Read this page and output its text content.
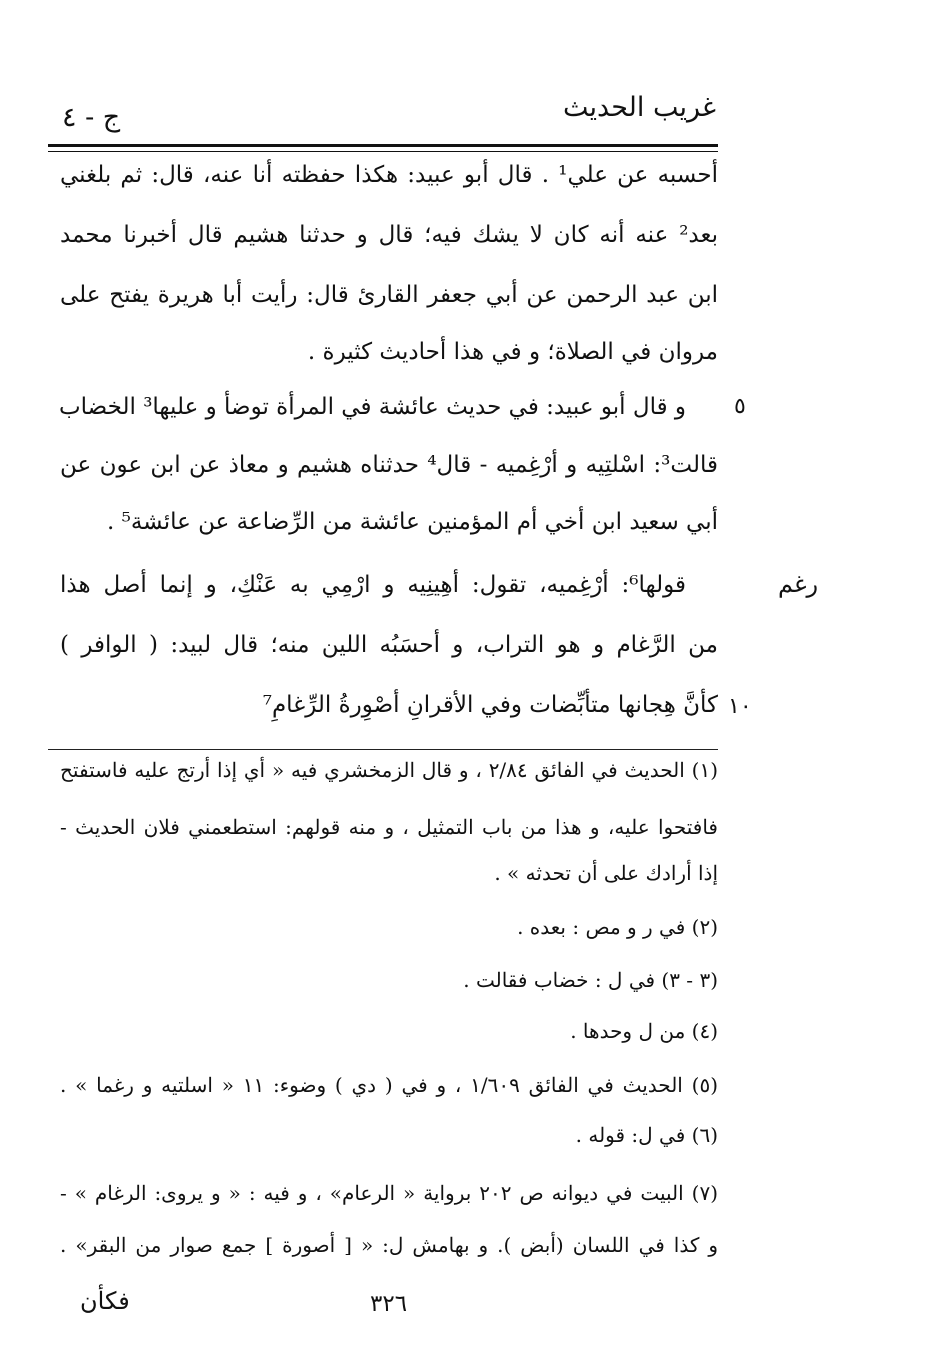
غريب الحديث
ج - ٤
أحسبه عن علي¹ . قال أبو عبيد: هكذا حفظته أنا عنه، قال: ثم بلغني
بعد² عنه أنه كان لا يشك فيه؛ قال و حدثنا هشيم قال أخبرنا محمد
ابن عبد الرحمن عن أبي جعفر القارئ قال: رأيت أبا هريرة يفتح على
مروان في الصلاة؛ و في هذا أحاديث كثيرة .
و قال أبو عبيد: في حديث عائشة في المرأة توضأ و عليها³ الخضاب
قالت³: اسْلتِيه و أرْغِميه - قال⁴ حدثناه هشيم و معاذ عن ابن عون عن
أبي سعيد ابن أخي أم المؤمنين عائشة من الرِّضاعة عن عائشة⁵ .
قولها⁶: أرْغِميه، تقول: أهِينِيه و ارْمِي به عَنْكِ، و إنما أصل هذا
من الرَّغام و هو التراب، و أحسَبُه اللين منه؛ قال لبيد: ( الوافر )
كأنَّ هِجانها متأبِّضات وفي الأقرانِ أصْوِرةُ الرِّغامِ⁷
٥
١٠
رغم
(١) الحديث في الفائق ٢/٨٤ ، و قال الزمخشري فيه « أي إذا أرتج عليه فاستفتح
فافتحوا عليه، و هذا من باب التمثيل ، و منه قولهم: استطعمني فلان الحديث -
إذا أرادك على أن تحدثه » .
(٢) في ر و مص : بعده .
(٣ - ٣) في ل : خضاب فقالت .
(٤) من ل وحدها .
(٥) الحديث في الفائق ١/٦٠٩ ، و في ( دي ) وضوء: ١١ « اسلتيه و رغما » .
(٦) في ل: قوله .
(٧) البيت في ديوانه ص ٢٠٢ برواية « الرعام» ، و فيه : « و يروى: الرغام » -
و كذا في اللسان (أبض ). و بهامش ل: « [ أصورة ] جمع صوار من البقر» .
٣٢٦
فكأن
